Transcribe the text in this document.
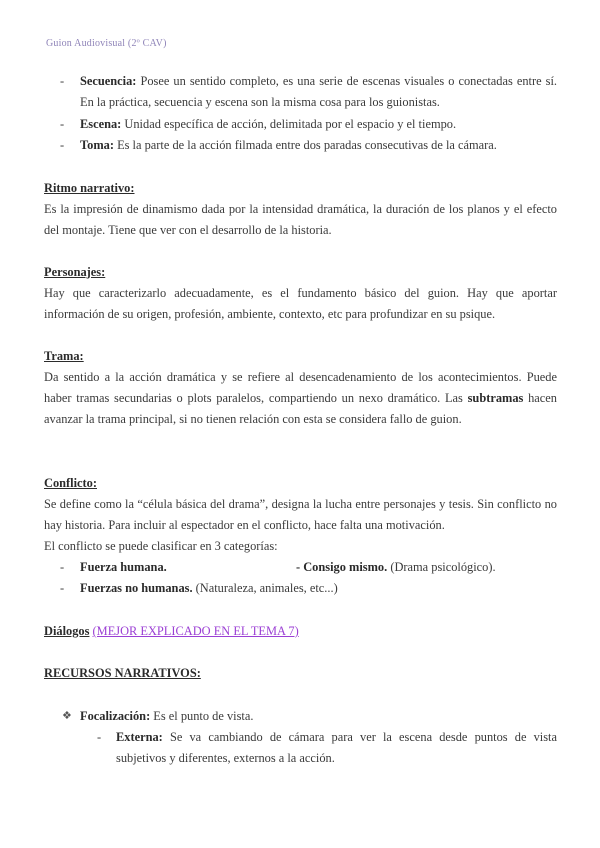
Guion Audiovisual (2º CAV)
- Secuencia: Posee un sentido completo, es una serie de escenas visuales o conectadas entre sí. En la práctica, secuencia y escena son la misma cosa para los guionistas.
- Escena: Unidad específica de acción, delimitada por el espacio y el tiempo.
- Toma: Es la parte de la acción filmada entre dos paradas consecutivas de la cámara.
Ritmo narrativo:
Es la impresión de dinamismo dada por la intensidad dramática, la duración de los planos y el efecto del montaje. Tiene que ver con el desarrollo de la historia.
Personajes:
Hay que caracterizarlo adecuadamente, es el fundamento básico del guion. Hay que aportar información de su origen, profesión, ambiente, contexto, etc para profundizar en su psique.
Trama:
Da sentido a la acción dramática y se refiere al desencadenamiento de los acontecimientos. Puede haber tramas secundarias o plots paralelos, compartiendo un nexo dramático. Las subtramas hacen avanzar la trama principal, si no tienen relación con esta se considera fallo de guion.
Conflicto:
Se define como la “célula básica del drama”, designa la lucha entre personajes y tesis. Sin conflicto no hay historia. Para incluir al espectador en el conflicto, hace falta una motivación.
El conflicto se puede clasificar en 3 categorías:
- Fuerza humana.	- Consigo mismo. (Drama psicológico).
- Fuerzas no humanas. (Naturaleza, animales, etc...)
Diálogos (MEJOR EXPLICADO EN EL TEMA 7)
RECURSOS NARRATIVOS:
❖ Focalización: Es el punto de vista.
- Externa: Se va cambiando de cámara para ver la escena desde puntos de vista subjetivos y diferentes, externos a la acción.
